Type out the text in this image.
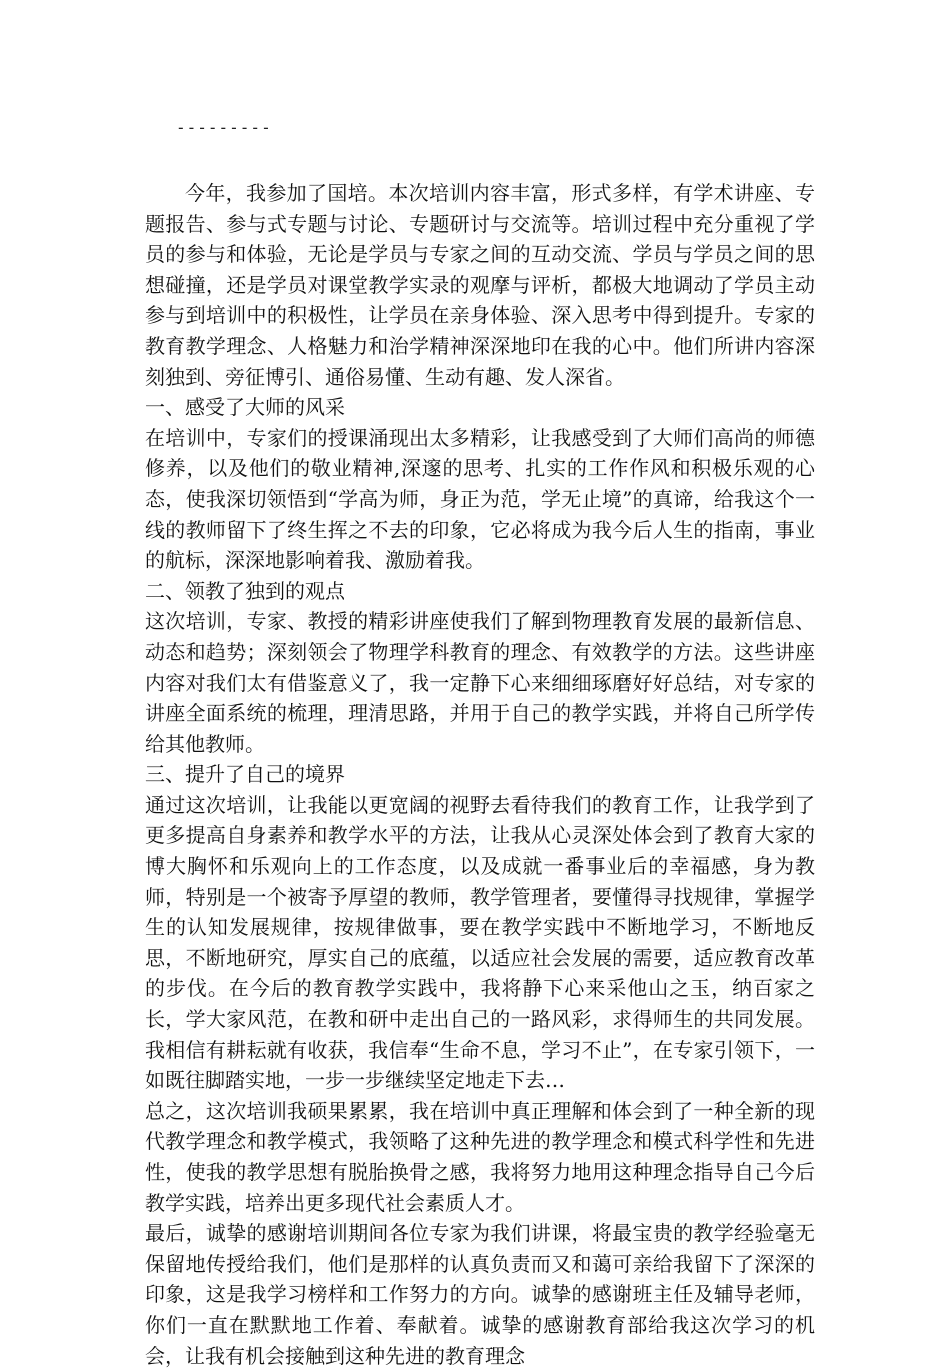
---------

今年，我参加了国培。本次培训内容丰富，形式多样，有学术讲座、专题报告、参与式专题与讨论、专题研讨与交流等。培训过程中充分重视了学员的参与和体验，无论是学员与专家之间的互动交流、学员与学员之间的思想碰撞，还是学员对课堂教学实录的观摩与评析，都极大地调动了学员主动参与到培训中的积极性，让学员在亲身体验、深入思考中得到提升。专家的教育教学理念、人格魅力和治学精神深深地印在我的心中。他们所讲内容深刻独到、旁征博引、通俗易懂、生动有趣、发人深省。

一、感受了大师的风采

在培训中，专家们的授课涌现出太多精彩，让我感受到了大师们高尚的师德修养，以及他们的敬业精神,深邃的思考、扎实的工作作风和积极乐观的心态，使我深切领悟到“学高为师，身正为范，学无止境”的真谛，给我这个一线的教师留下了终生挥之不去的印象，它必将成为我今后人生的指南，事业的航标，深深地影响着我、激励着我。

二、领教了独到的观点

这次培训，专家、教授的精彩讲座使我们了解到物理教育发展的最新信息、动态和趋势；深刻领会了物理学科教育的理念、有效教学的方法。这些讲座内容对我们太有借鉴意义了，我一定静下心来细细琢磨好好总结，对专家的讲座全面系统的梳理，理清思路，并用于自己的教学实践，并将自己所学传给其他教师。

三、提升了自己的境界

通过这次培训，让我能以更宽阔的视野去看待我们的教育工作，让我学到了更多提高自身素养和教学水平的方法，让我从心灵深处体会到了教育大家的博大胸怀和乐观向上的工作态度，以及成就一番事业后的幸福感，身为教师，特别是一个被寄予厚望的教师，教学管理者，要懂得寻找规律，掌握学生的认知发展规律，按规律做事，要在教学实践中不断地学习，不断地反思，不断地研究，厚实自己的底蕴，以适应社会发展的需要，适应教育改革的步伐。在今后的教育教学实践中，我将静下心来采他山之玉，纳百家之长，学大家风范，在教和研中走出自己的一路风彩，求得师生的共同发展。我相信有耕耘就有收获，我信奉“生命不息，学习不止”，在专家引领下，一如既往脚踏实地，一步一步继续坚定地走下去…

总之，这次培训我硕果累累，我在培训中真正理解和体会到了一种全新的现代教学理念和教学模式，我领略了这种先进的教学理念和模式科学性和先进性，使我的教学思想有脱胎换骨之感，我将努力地用这种理念指导自己今后教学实践，培养出更多现代社会素质人才。

最后，诚挚的感谢培训期间各位专家为我们讲课，将最宝贵的教学经验毫无保留地传授给我们，他们是那样的认真负责而又和蔼可亲给我留下了深深的印象，这是我学习榜样和工作努力的方向。诚挚的感谢班主任及辅导老师，你们一直在默默地工作着、奉献着。诚挚的感谢教育部给我这次学习的机会，让我有机会接触到这种先进的教育理念
